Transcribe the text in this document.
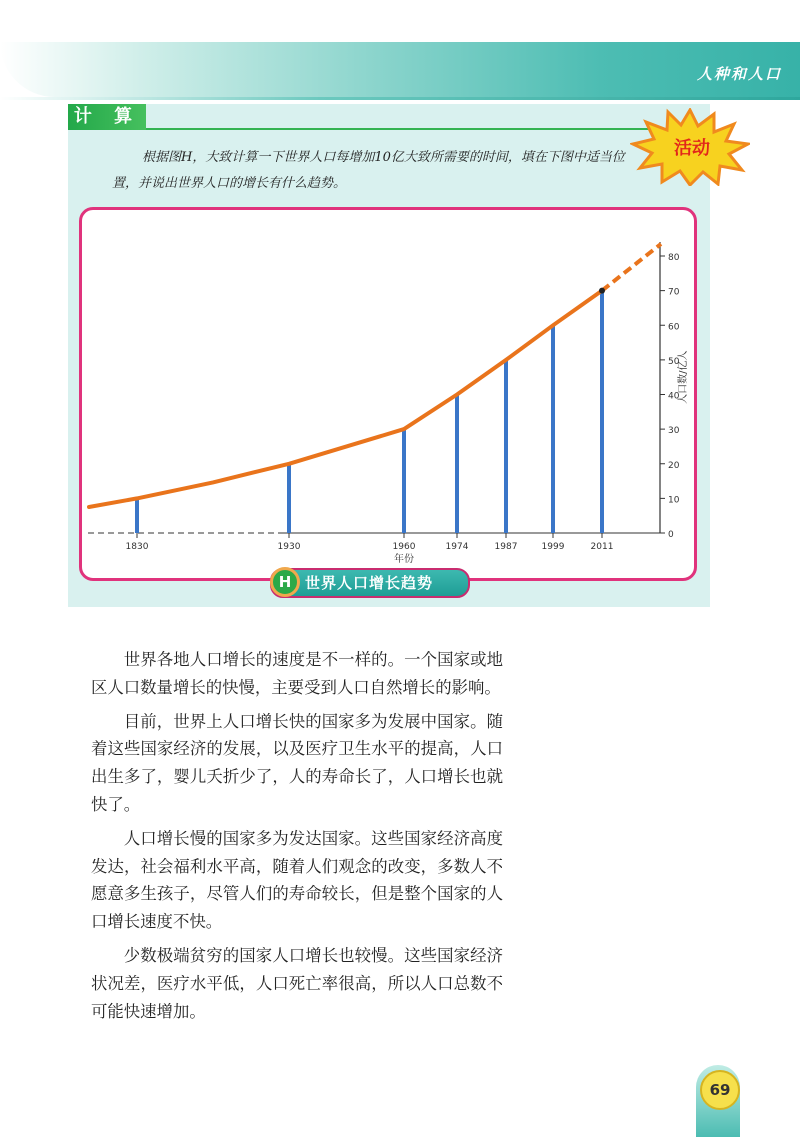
人种和人口
计 算
活动
根据图H，大致计算一下世界人口每增加10亿大致所需要的时间，填在下图中适当位置，并说出世界人口的增长有什么趋势。
0
10
20
30
40
50
60
70
80
人口数/亿人
1830	1930	1960	1974	1987	1999	2011
年份
H 世界人口增长趋势

世界各地人口增长的速度是不一样的。一个国家或地区人口数量增长的快慢，主要受到人口自然增长的影响。

目前，世界上人口增长快的国家多为发展中国家。随着这些国家经济的发展，以及医疗卫生水平的提高，人口出生多了，婴儿夭折少了，人的寿命长了，人口增长也就快了。

人口增长慢的国家多为发达国家。这些国家经济高度发达，社会福利水平高，随着人们观念的改变，多数人不愿意多生孩子，尽管人们的寿命较长，但是整个国家的人口增长速度不快。

少数极端贫穷的国家人口增长也较慢。这些国家经济状况差，医疗水平低，人口死亡率很高，所以人口总数不可能快速增加。

69
